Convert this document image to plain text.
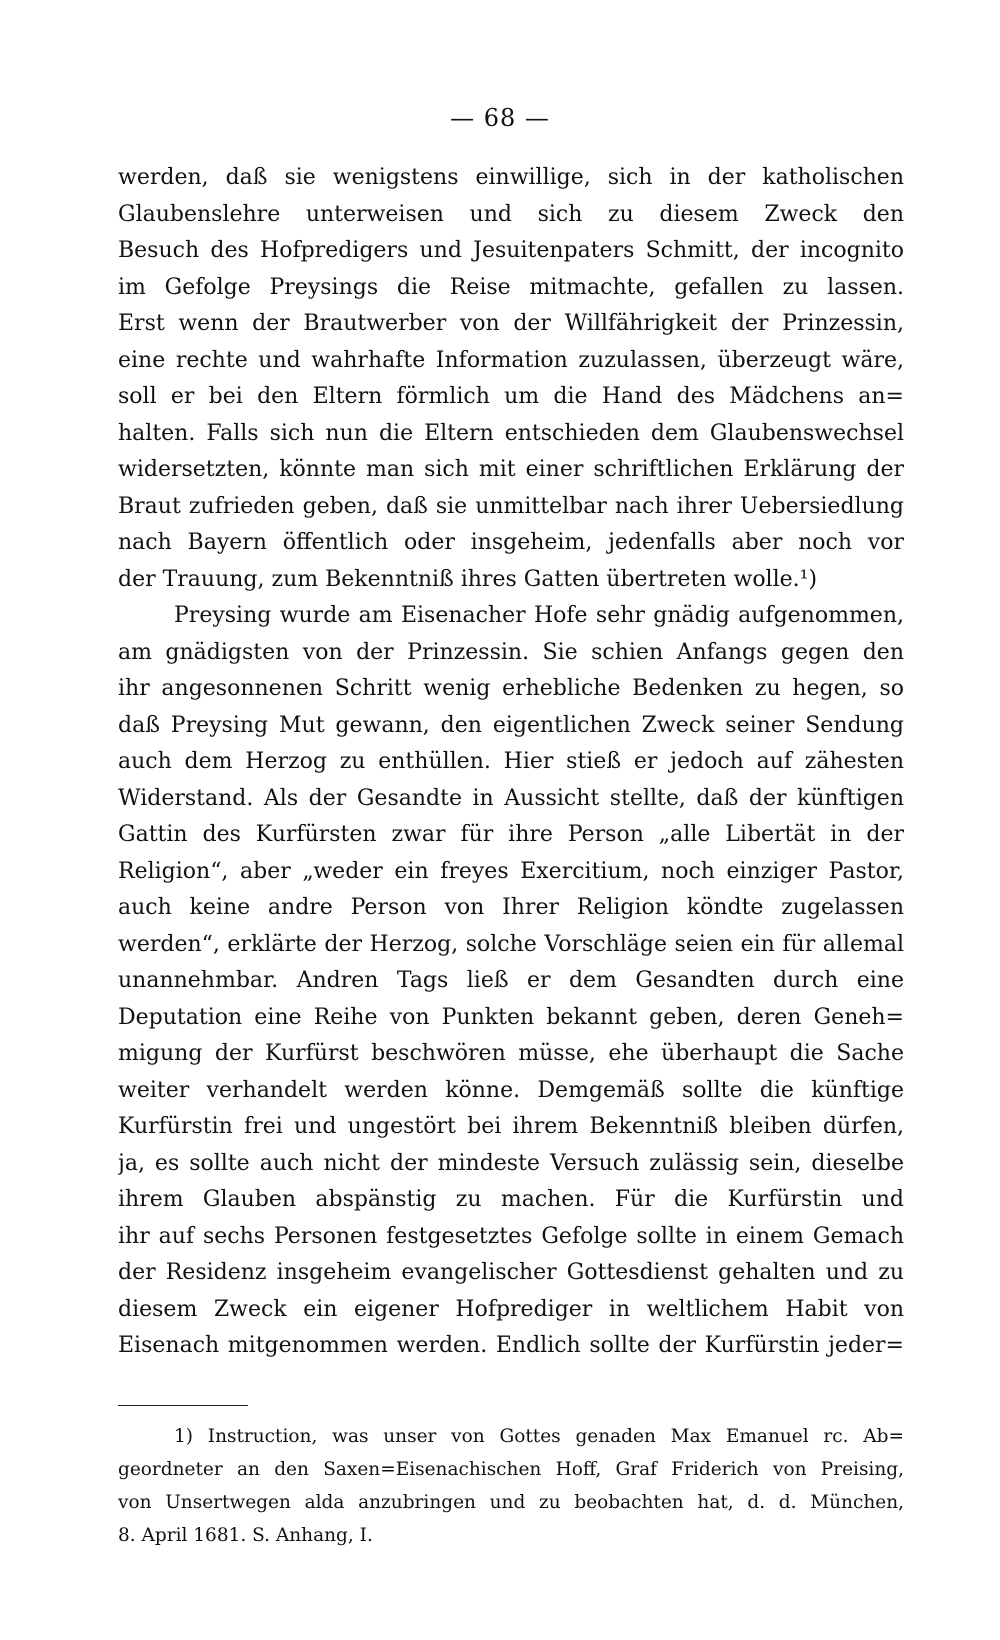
— 68 —
werden, daß sie wenigstens einwillige, sich in der katholischen
Glaubenslehre unterweisen und sich zu diesem Zweck den
Besuch des Hofpredigers und Jesuitenpaters Schmitt, der incognito
im Gefolge Preysings die Reise mitmachte, gefallen zu lassen.
Erst wenn der Brautwerber von der Willfährigkeit der Prinzessin,
eine rechte und wahrhafte Information zuzulassen, überzeugt wäre,
soll er bei den Eltern förmlich um die Hand des Mädchens an=
halten. Falls sich nun die Eltern entschieden dem Glaubenswechsel
widersetzten, könnte man sich mit einer schriftlichen Erklärung der
Braut zufrieden geben, daß sie unmittelbar nach ihrer Uebersiedlung
nach Bayern öffentlich oder insgeheim, jedenfalls aber noch vor
der Trauung, zum Bekenntniß ihres Gatten übertreten wolle.¹)
Preysing wurde am Eisenacher Hofe sehr gnädig aufgenommen,
am gnädigsten von der Prinzessin. Sie schien Anfangs gegen den
ihr angesonnenen Schritt wenig erhebliche Bedenken zu hegen, so
daß Preysing Mut gewann, den eigentlichen Zweck seiner Sendung
auch dem Herzog zu enthüllen. Hier stieß er jedoch auf zähesten
Widerstand. Als der Gesandte in Aussicht stellte, daß der künftigen
Gattin des Kurfürsten zwar für ihre Person „alle Libertät in der
Religion“, aber „weder ein freyes Exercitium, noch einziger Pastor,
auch keine andre Person von Ihrer Religion köndte zugelassen
werden“, erklärte der Herzog, solche Vorschläge seien ein für allemal
unannehmbar. Andren Tags ließ er dem Gesandten durch eine
Deputation eine Reihe von Punkten bekannt geben, deren Geneh=
migung der Kurfürst beschwören müsse, ehe überhaupt die Sache
weiter verhandelt werden könne. Demgemäß sollte die künftige
Kurfürstin frei und ungestört bei ihrem Bekenntniß bleiben dürfen,
ja, es sollte auch nicht der mindeste Versuch zulässig sein, dieselbe
ihrem Glauben abspänstig zu machen. Für die Kurfürstin und
ihr auf sechs Personen festgesetztes Gefolge sollte in einem Gemach
der Residenz insgeheim evangelischer Gottesdienst gehalten und zu
diesem Zweck ein eigener Hofprediger in weltlichem Habit von
Eisenach mitgenommen werden. Endlich sollte der Kurfürstin jeder=
1) Instruction, was unser von Gottes genaden Max Emanuel rc. Ab=
geordneter an den Saxen=Eisenachischen Hoff, Graf Friderich von Preising,
von Unsertwegen alda anzubringen und zu beobachten hat, d. d. München,
8. April 1681. S. Anhang, I.
